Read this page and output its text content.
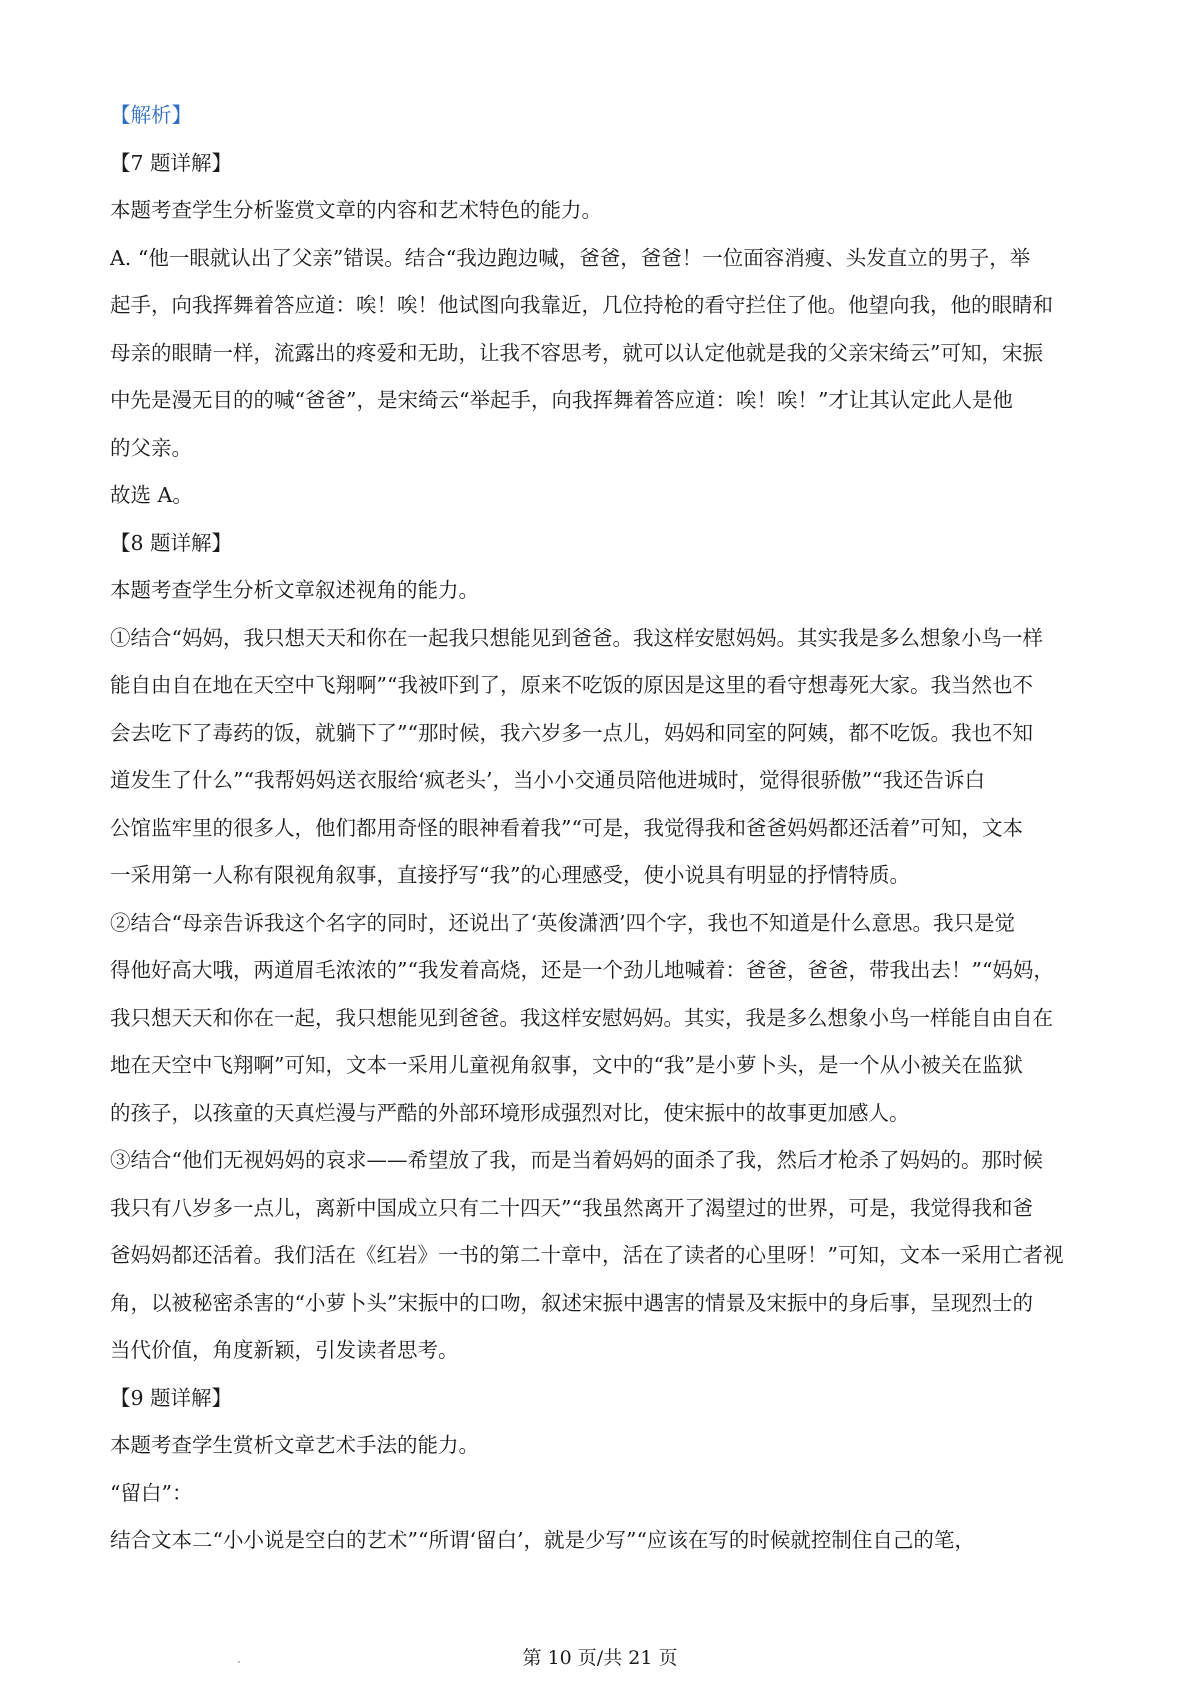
【解析】
【7 题详解】
本题考查学生分析鉴赏文章的内容和艺术特色的能力。
A. “他一眼就认出了父亲”错误。结合“我边跑边喊，爸爸，爸爸！一位面容消瘦、头发直立的男子，举
起手，向我挥舞着答应道：唉！唉！他试图向我靠近，几位持枪的看守拦住了他。他望向我，他的眼睛和
母亲的眼睛一样，流露出的疼爱和无助，让我不容思考，就可以认定他就是我的父亲宋绮云”可知，宋振
中先是漫无目的的喊“爸爸”，是宋绮云“举起手，向我挥舞着答应道：唉！唉！”才让其认定此人是他
的父亲。
故选 A。
【8 题详解】
本题考查学生分析文章叙述视角的能力。
①结合“妈妈，我只想天天和你在一起我只想能见到爸爸。我这样安慰妈妈。其实我是多么想象小鸟一样
能自由自在地在天空中飞翔啊”“我被吓到了，原来不吃饭的原因是这里的看守想毒死大家。我当然也不
会去吃下了毒药的饭，就躺下了”“那时候，我六岁多一点儿，妈妈和同室的阿姨，都不吃饭。我也不知
道发生了什么”“我帮妈妈送衣服给‘疯老头’，当小小交通员陪他进城时，觉得很骄傲”“我还告诉白
公馆监牢里的很多人，他们都用奇怪的眼神看着我”“可是，我觉得我和爸爸妈妈都还活着”可知，文本
一采用第一人称有限视角叙事，直接抒写“我”的心理感受，使小说具有明显的抒情特质。
②结合“母亲告诉我这个名字的同时，还说出了‘英俊潇洒’四个字，我也不知道是什么意思。我只是觉
得他好高大哦，两道眉毛浓浓的”“我发着高烧，还是一个劲儿地喊着：爸爸，爸爸，带我出去！”“妈妈，
我只想天天和你在一起，我只想能见到爸爸。我这样安慰妈妈。其实，我是多么想象小鸟一样能自由自在
地在天空中飞翔啊”可知，文本一采用儿童视角叙事，文中的“我”是小萝卜头，是一个从小被关在监狱
的孩子，以孩童的天真烂漫与严酷的外部环境形成强烈对比，使宋振中的故事更加感人。
③结合“他们无视妈妈的哀求——希望放了我，而是当着妈妈的面杀了我，然后才枪杀了妈妈的。那时候
我只有八岁多一点儿，离新中国成立只有二十四天”“我虽然离开了渴望过的世界，可是，我觉得我和爸
爸妈妈都还活着。我们活在《红岩》一书的第二十章中，活在了读者的心里呀！”可知，文本一采用亡者视
角，以被秘密杀害的“小萝卜头”宋振中的口吻，叙述宋振中遇害的情景及宋振中的身后事，呈现烈士的
当代价值，角度新颖，引发读者思考。
【9 题详解】
本题考查学生赏析文章艺术手法的能力。
“留白”：
结合文本二“小小说是空白的艺术”“所谓‘留白’，就是少写”“应该在写的时候就控制住自己的笔，
第 10 页/共 21 页
